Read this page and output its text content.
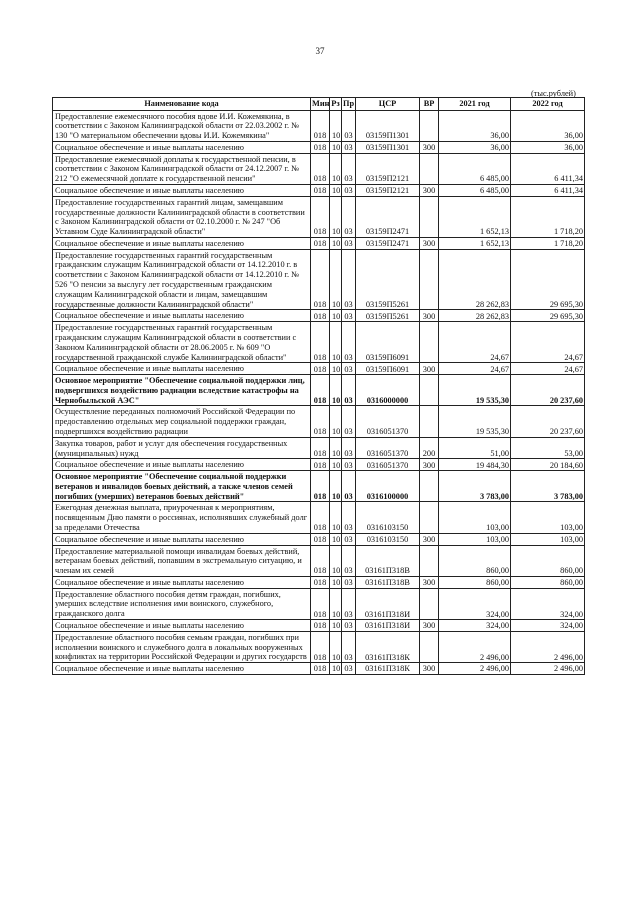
37
(тыс.рублей)
Наименование кода	Мин	Рз	Пр	ЦСР	ВР	2021 год	2022 год
Предоставление ежемесячного пособия вдове И.И. Кожемякина, в соответствии с Законом Калининградской области от 22.03.2002 г. № 130 "О материальном обеспечении вдовы И.И. Кожемякина"	018	10	03	03159П1301		36,00	36,00
Социальное обеспечение и иные выплаты населению	018	10	03	03159П1301	300	36,00	36,00
Предоставление ежемесячной доплаты к государственной пенсии, в соответствии с Законом Калининградской области от 24.12.2007 г. № 212 "О ежемесячной доплате к государственной пенсии"	018	10	03	03159П2121		6 485,00	6 411,34
Социальное обеспечение и иные выплаты населению	018	10	03	03159П2121	300	6 485,00	6 411,34
Предоставление государственных гарантий лицам, замещавшим государственные должности Калининградской области в соответствии с Законом Калининградской области от 02.10.2000 г. № 247 "Об Уставном Суде Калининградской области"	018	10	03	03159П2471		1 652,13	1 718,20
Социальное обеспечение и иные выплаты населению	018	10	03	03159П2471	300	1 652,13	1 718,20
Предоставление государственных гарантий государственным гражданским служащим Калининградской области от 14.12.2010 г. в соответствии с Законом Калининградской области от 14.12.2010 г. № 526 "О пенсии за выслугу лет государственным гражданским служащим Калининградской области и лицам, замещавшим государственные должности Калининградской области"	018	10	03	03159П5261		28 262,83	29 695,30
Социальное обеспечение и иные выплаты населению	018	10	03	03159П5261	300	28 262,83	29 695,30
Предоставление государственных гарантий государственным гражданским служащим Калининградской области в соответствии с Законом Калининградской области от 28.06.2005 г. № 609 "О государственной гражданской службе Калининградской области"	018	10	03	03159П6091		24,67	24,67
Социальное обеспечение и иные выплаты населению	018	10	03	03159П6091	300	24,67	24,67
Основное мероприятие "Обеспечение социальной поддержки лиц, подвергшихся воздействию радиации вследствие катастрофы на Чернобыльской АЭС"	018	10	03	0316000000		19 535,30	20 237,60
Осуществление переданных полномочий Российской Федерации по предоставлению отдельных мер социальной поддержки граждан, подвергшихся воздействию радиации	018	10	03	0316051370		19 535,30	20 237,60
Закупка товаров, работ и услуг для обеспечения государственных (муниципальных) нужд	018	10	03	0316051370	200	51,00	53,00
Социальное обеспечение и иные выплаты населению	018	10	03	0316051370	300	19 484,30	20 184,60
Основное мероприятие "Обеспечение социальной поддержки ветеранов и инвалидов боевых действий, а также членов семей погибших (умерших) ветеранов боевых действий"	018	10	03	0316100000		3 783,00	3 783,00
Ежегодная денежная выплата, приуроченная к мероприятиям, посвященным Дню памяти о россиянах, исполнявших служебный долг за пределами Отечества	018	10	03	0316103150		103,00	103,00
Социальное обеспечение и иные выплаты населению	018	10	03	0316103150	300	103,00	103,00
Предоставление материальной помощи инвалидам боевых действий, ветеранам боевых действий, попавшим в экстремальную ситуацию, и членам их семей	018	10	03	03161П318В		860,00	860,00
Социальное обеспечение и иные выплаты населению	018	10	03	03161П318В	300	860,00	860,00
Предоставление областного пособия детям граждан, погибших, умерших вследствие исполнения ими воинского, служебного, гражданского долга	018	10	03	03161П318И		324,00	324,00
Социальное обеспечение и иные выплаты населению	018	10	03	03161П318И	300	324,00	324,00
Предоставление областного пособия семьям граждан, погибших при исполнении воинского и служебного долга в локальных вооруженных конфликтах на территории Российской Федерации и других государств	018	10	03	03161П318К		2 496,00	2 496,00
Социальное обеспечение и иные выплаты населению	018	10	03	03161П318К	300	2 496,00	2 496,00
